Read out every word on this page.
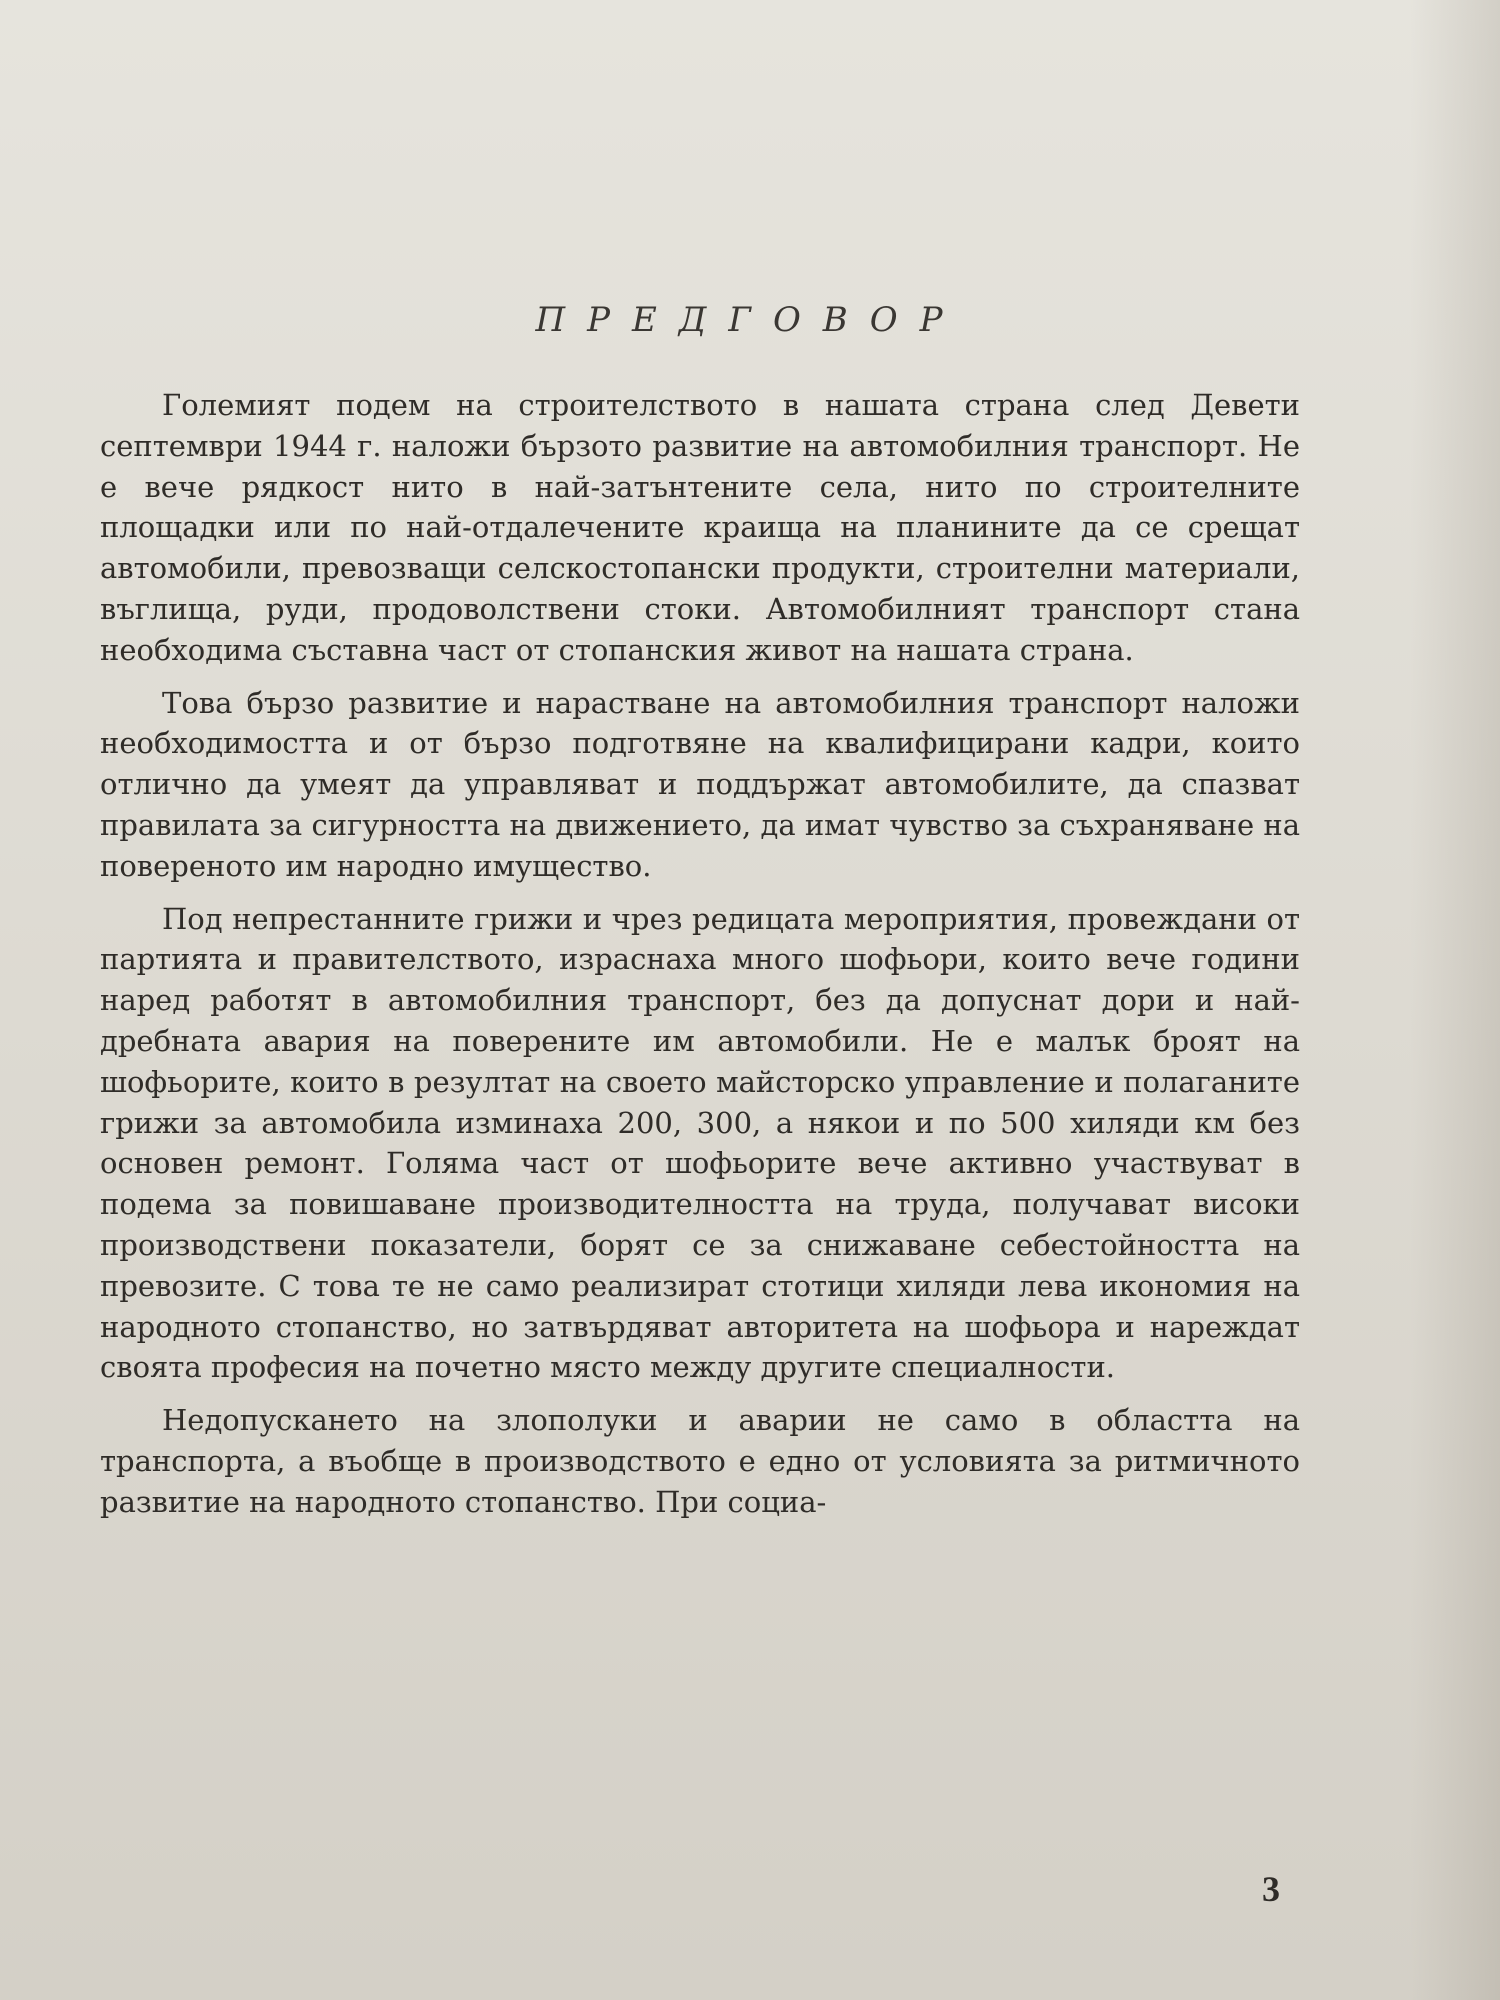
ПРЕДГОВОР

Големият подем на строителството в нашата страна след Девети септември 1944 г. наложи бързото развитие на автомобилния транспорт. Не е вече рядкост нито в най-затънтените села, нито по строителните площадки или по най-отдалечените краища на планините да се срещат автомобили, превозващи селскостопански продукти, строителни материали, въглища, руди, продоволствени стоки. Автомобилният транспорт стана необходима съставна част от стопанския живот на нашата страна.

Това бързо развитие и нарастване на автомобилния транспорт наложи необходимостта и от бързо подготвяне на квалифицирани кадри, които отлично да умеят да управляват и поддържат автомобилите, да спазват правилата за сигурността на движението, да имат чувство за съхраняване на повереното им народно имущество.

Под непрестанните грижи и чрез редицата мероприятия, провеждани от партията и правителството, израснаха много шофьори, които вече години наред работят в автомобилния транспорт, без да допуснат дори и най-дребната авария на поверените им автомобили. Не е малък броят на шофьорите, които в резултат на своето майсторско управление и полаганите грижи за автомобила изминаха 200, 300, а някои и по 500 хиляди км без основен ремонт. Голяма част от шофьорите вече активно участвуват в подема за повишаване производителността на труда, получават високи производствени показатели, борят се за снижаване себестойността на превозите. С това те не само реализират стотици хиляди лева икономия на народното стопанство, но затвърдяват авторитета на шофьора и нареждат своята професия на почетно място между другите специалности.

Недопускането на злополуки и аварии не само в областта на транспорта, а въобще в производството е едно от условията за ритмичното развитие на народното стопанство. При социа-

3
